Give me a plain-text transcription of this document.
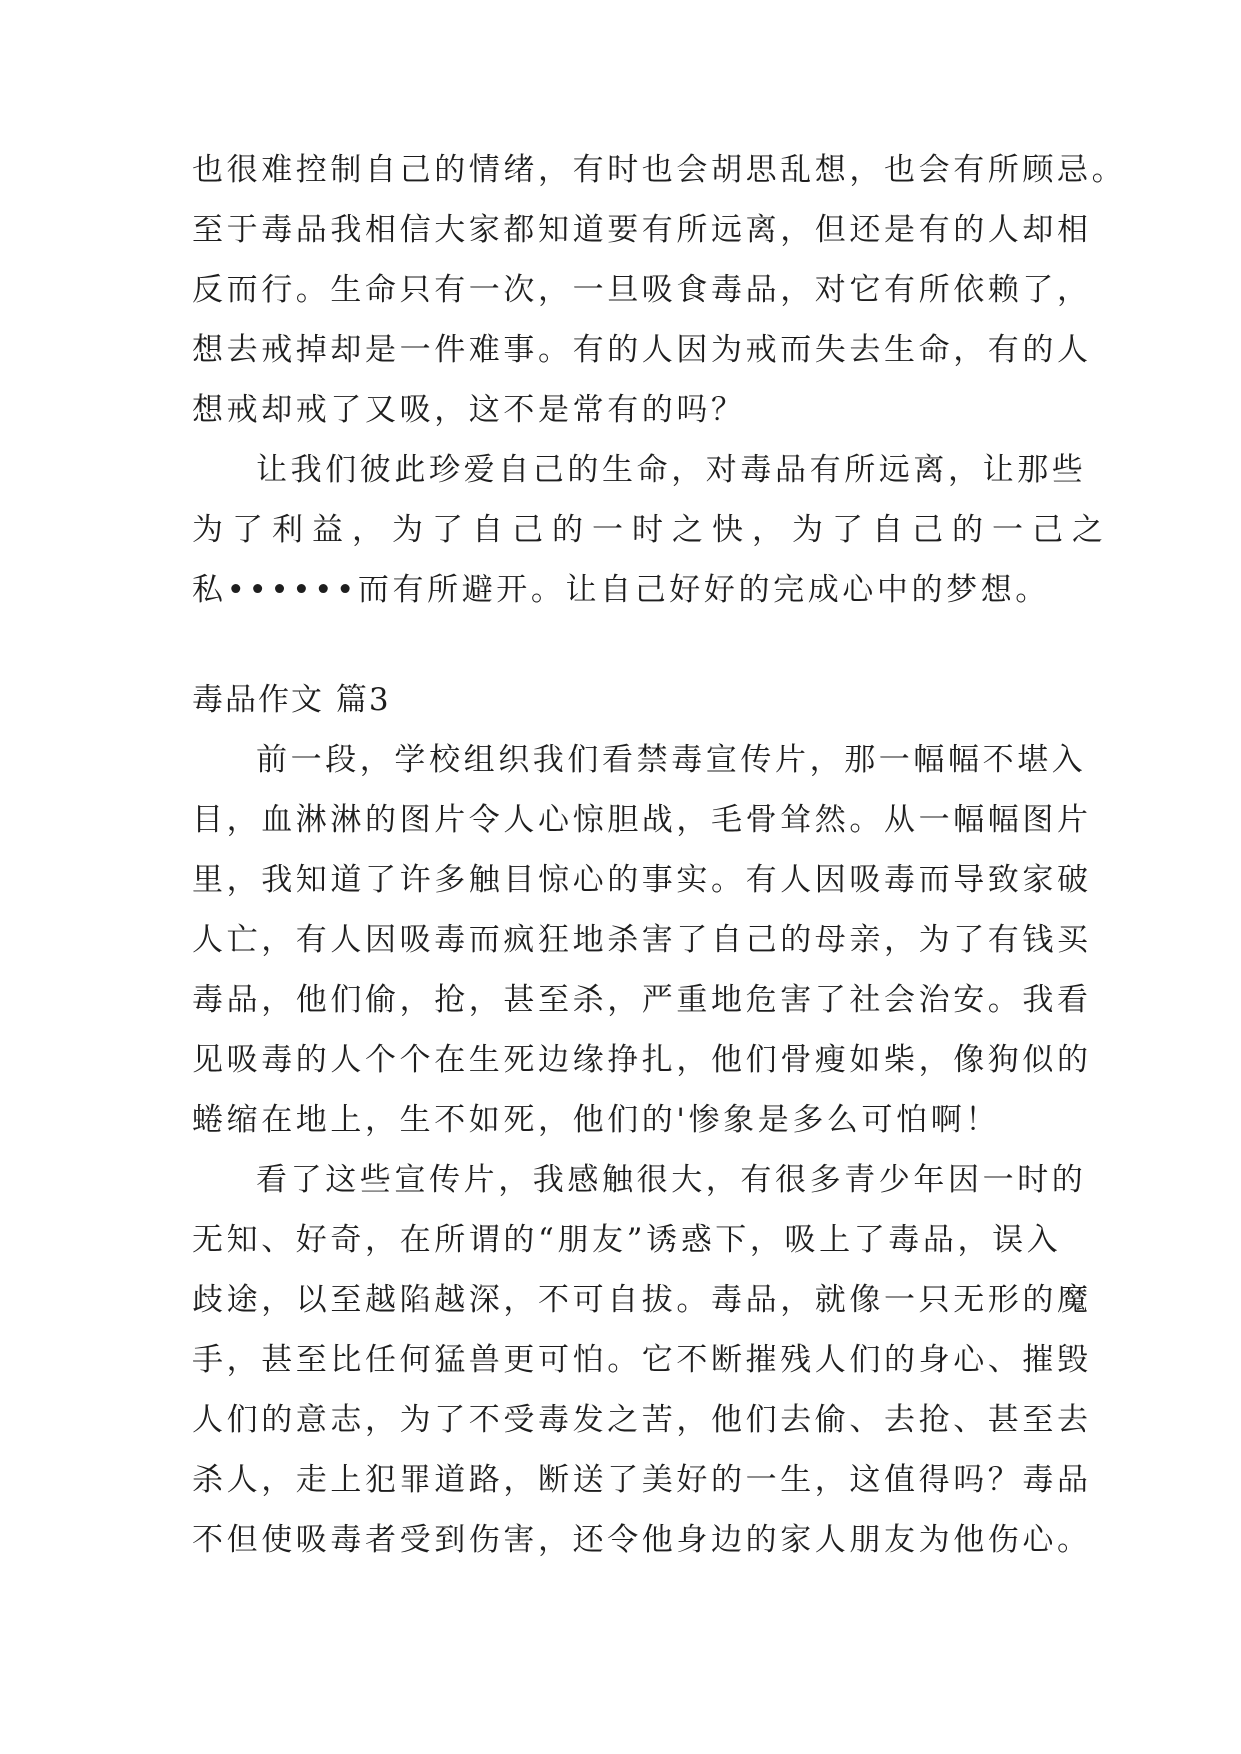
也很难控制自己的情绪，有时也会胡思乱想，也会有所顾忌。

至于毒品我相信大家都知道要有所远离，但还是有的人却相

反而行。生命只有一次，一旦吸食毒品，对它有所依赖了，

想去戒掉却是一件难事。有的人因为戒而失去生命，有的人

想戒却戒了又吸，这不是常有的吗？

让我们彼此珍爱自己的生命，对毒品有所远离，让那些

为了利益，为了自己的一时之快，为了自己的一己之

私••••••而有所避开。让自己好好的完成心中的梦想。

毒品作文 篇3

前一段，学校组织我们看禁毒宣传片，那一幅幅不堪入

目，血淋淋的图片令人心惊胆战，毛骨耸然。从一幅幅图片

里，我知道了许多触目惊心的事实。有人因吸毒而导致家破

人亡，有人因吸毒而疯狂地杀害了自己的母亲，为了有钱买

毒品，他们偷，抢，甚至杀，严重地危害了社会治安。我看

见吸毒的人个个在生死边缘挣扎，他们骨瘦如柴，像狗似的

蜷缩在地上，生不如死，他们的'惨象是多么可怕啊！

看了这些宣传片，我感触很大，有很多青少年因一时的

无知、好奇，在所谓的“朋友”诱惑下，吸上了毒品，误入

歧途，以至越陷越深，不可自拔。毒品，就像一只无形的魔

手，甚至比任何猛兽更可怕。它不断摧残人们的身心、摧毁

人们的意志，为了不受毒发之苦，他们去偷、去抢、甚至去

杀人，走上犯罪道路，断送了美好的一生，这值得吗？毒品

不但使吸毒者受到伤害，还令他身边的家人朋友为他伤心。
